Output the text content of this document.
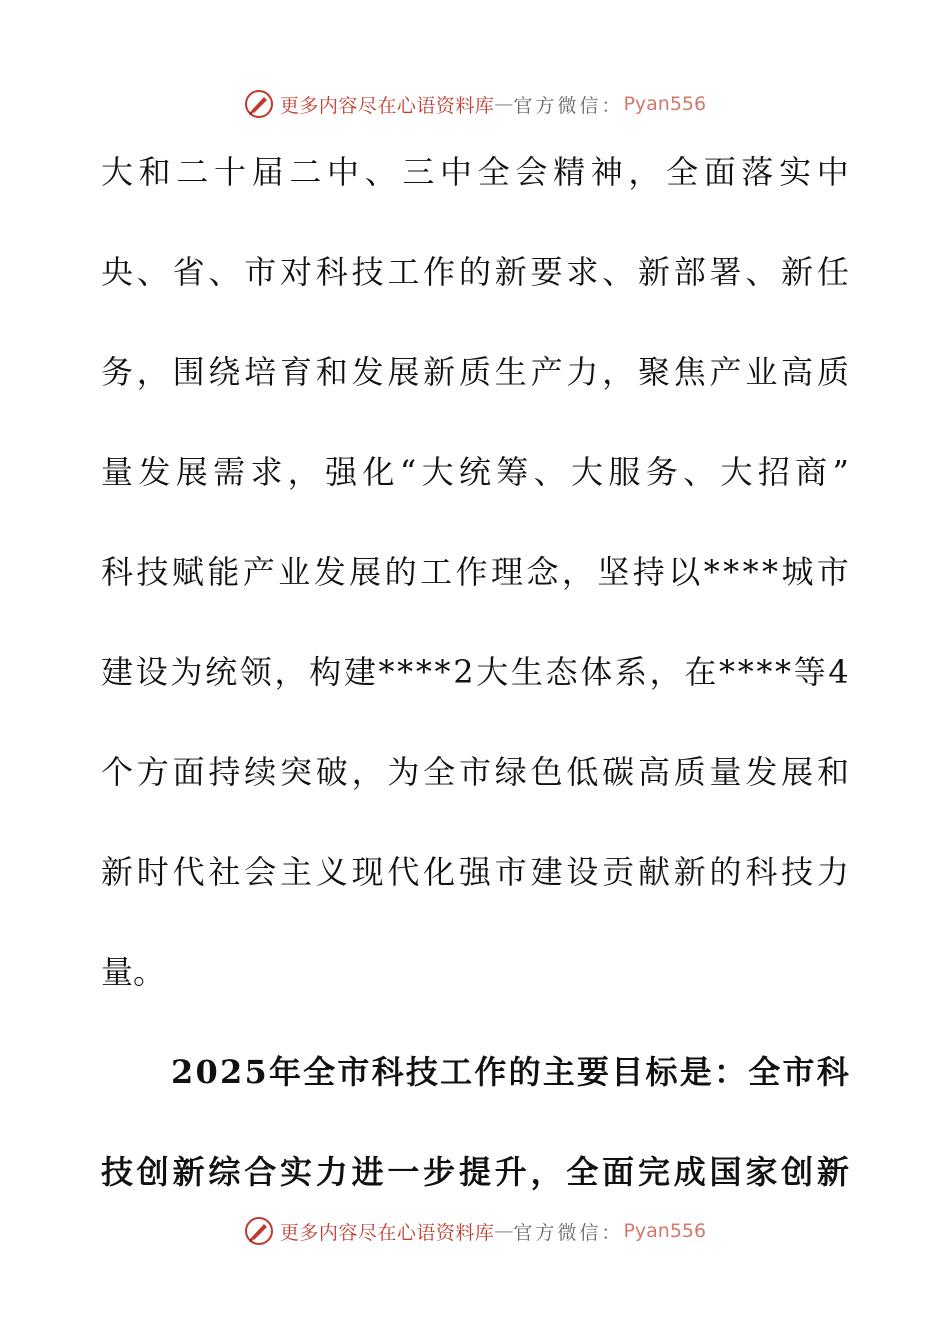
更多内容尽在心语资料库 — 官方微信： Pyan556
大 和 二 十 届 二 中 、 三 中 全 会 精 神 ， 全 面 落 实 中
央 、 省 、 市 对 科 技 工 作 的 新 要 求 、 新 部 署 、 新 任
务 ， 围 绕 培 育 和 发 展 新 质 生 产 力 ， 聚 焦 产 业 高 质
量 发 展 需 求 ， 强 化 “ 大 统 筹 、 大 服 务 、 大 招 商 ”
科 技 赋 能 产 业 发 展 的 工 作 理 念 ， 坚 持 以 * * * * 城 市
建 设 为 统 领 ， 构 建 * * * * 2 大 生 态 体 系 ， 在 * * * * 等 4
个 方 面 持 续 突 破 ， 为 全 市 绿 色 低 碳 高 质 量 发 展 和
新 时 代 社 会 主 义 现 代 化 强 市 建 设 贡 献 新 的 科 技 力
量。
2 0 2 5 年 全 市 科 技 工 作 的 主 要 目 标 是 ： 全 市 科
技 创 新 综 合 实 力 进 一 步 提 升 ， 全 面 完 成 国 家 创 新
更多内容尽在心语资料库 — 官方微信： Pyan556
